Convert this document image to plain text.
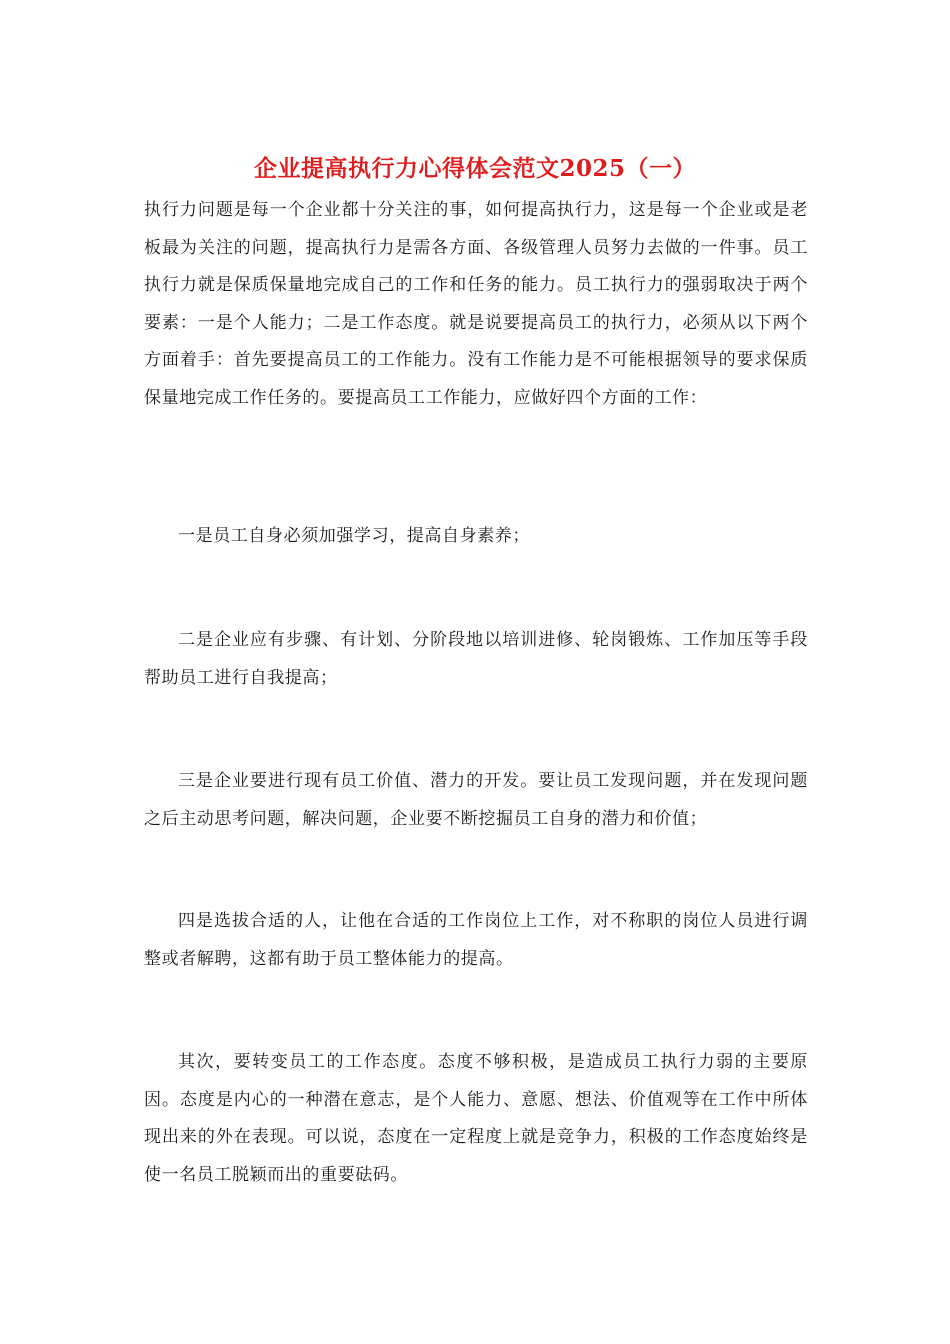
企业提高执行力心得体会范文2025（一）

执行力问题是每一个企业都十分关注的事，如何提高执行力，这是每一个企业或是老板最为关注的问题，提高执行力是需各方面、各级管理人员努力去做的一件事。员工执行力就是保质保量地完成自己的工作和任务的能力。员工执行力的强弱取决于两个要素：一是个人能力；二是工作态度。就是说要提高员工的执行力，必须从以下两个方面着手：首先要提高员工的工作能力。没有工作能力是不可能根据领导的要求保质保量地完成工作任务的。要提高员工工作能力，应做好四个方面的工作：

一是员工自身必须加强学习，提高自身素养；

二是企业应有步骤、有计划、分阶段地以培训进修、轮岗锻炼、工作加压等手段帮助员工进行自我提高；

三是企业要进行现有员工价值、潜力的开发。要让员工发现问题，并在发现问题之后主动思考问题，解决问题，企业要不断挖掘员工自身的潜力和价值；

四是选拔合适的人，让他在合适的工作岗位上工作，对不称职的岗位人员进行调整或者解聘，这都有助于员工整体能力的提高。

其次，要转变员工的工作态度。态度不够积极，是造成员工执行力弱的主要原因。态度是内心的一种潜在意志，是个人能力、意愿、想法、价值观等在工作中所体现出来的外在表现。可以说，态度在一定程度上就是竞争力，积极的工作态度始终是使一名员工脱颖而出的重要砝码。
